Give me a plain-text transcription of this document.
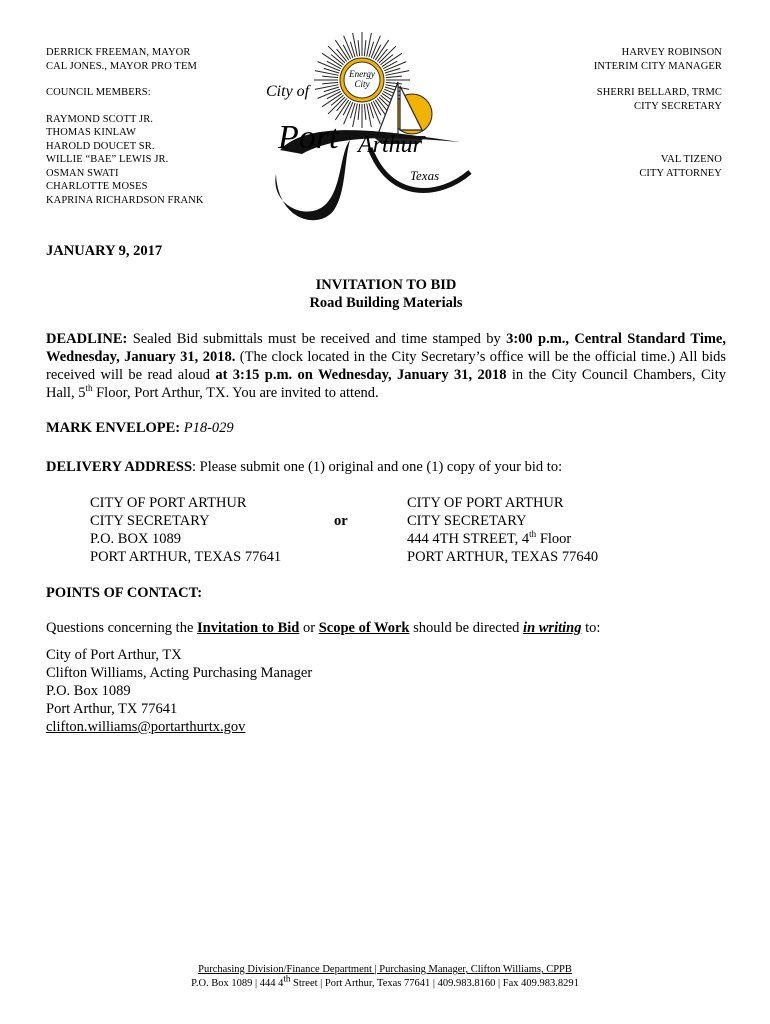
DERRICK FREEMAN, MAYOR
CAL JONES., MAYOR PRO TEM
COUNCIL MEMBERS:
RAYMOND SCOTT JR.
THOMAS KINLAW
HAROLD DOUCET SR.
WILLIE “BAE” LEWIS JR.
OSMAN SWATI
CHARLOTTE MOSES
KAPRINA RICHARDSON FRANK
HARVEY ROBINSON
INTERIM CITY MANAGER
SHERRI BELLARD, TRMC
CITY SECRETARY
VAL TIZENO
CITY ATTORNEY
Energy
City
City of
Port Arthur
Texas
JANUARY 9, 2017
INVITATION TO BID
Road Building Materials
DEADLINE: Sealed Bid submittals must be received and time stamped by 3:00 p.m., Central Standard Time, Wednesday, January 31, 2018. (The clock located in the City Secretary’s office will be the official time.) All bids received will be read aloud at 3:15 p.m. on Wednesday, January 31, 2018 in the City Council Chambers, City Hall, 5th Floor, Port Arthur, TX. You are invited to attend.
MARK ENVELOPE: P18-029
DELIVERY ADDRESS: Please submit one (1) original and one (1) copy of your bid to:
CITY OF PORT ARTHUR
CITY SECRETARY
P.O. BOX 1089
PORT ARTHUR, TEXAS 77641
or
CITY OF PORT ARTHUR
CITY SECRETARY
444 4TH STREET, 4th Floor
PORT ARTHUR, TEXAS 77640
POINTS OF CONTACT:
Questions concerning the Invitation to Bid or Scope of Work should be directed in writing to:
City of Port Arthur, TX
Clifton Williams, Acting Purchasing Manager
P.O. Box 1089
Port Arthur, TX 77641
clifton.williams@portarthurtx.gov
Purchasing Division/Finance Department | Purchasing Manager, Clifton Williams, CPPB
P.O. Box 1089 | 444 4th Street | Port Arthur, Texas 77641 | 409.983.8160 | Fax 409.983.8291
